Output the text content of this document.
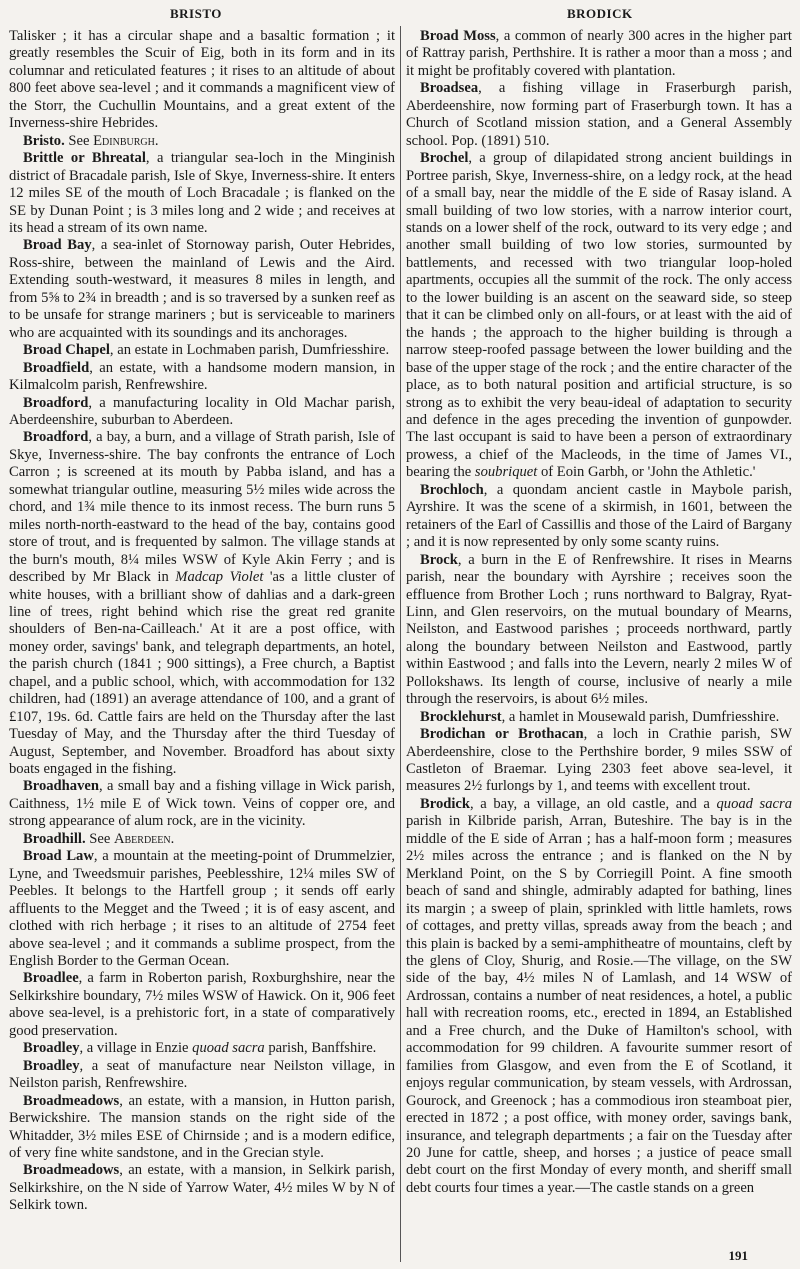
BRISTO	BRODICK

Talisker ; it has a circular shape and a basaltic formation ; it greatly resembles the Scuir of Eig, both in its form and in its columnar and reticulated features ; it rises to an altitude of about 800 feet above sea-level ; and it commands a magnificent view of the Storr, the Cuchullin Mountains, and a great extent of the Inverness-shire Hebrides.

Bristo. See Edinburgh.

Brittle or Bhreatal, a triangular sea-loch in the Minginish district of Bracadale parish, Isle of Skye, Inverness-shire. It enters 12 miles SE of the mouth of Loch Bracadale ; is flanked on the SE by Dunan Point ; is 3 miles long and 2 wide ; and receives at its head a stream of its own name.

Broad Bay, a sea-inlet of Stornoway parish, Outer Hebrides, Ross-shire, between the mainland of Lewis and the Aird. Extending south-westward, it measures 8 miles in length, and from 5⅝ to 2¾ in breadth ; and is so traversed by a sunken reef as to be unsafe for strange mariners ; but is serviceable to mariners who are acquainted with its soundings and its anchorages.

Broad Chapel, an estate in Lochmaben parish, Dumfriesshire.

Broadfield, an estate, with a handsome modern mansion, in Kilmalcolm parish, Renfrewshire.

Broadford, a manufacturing locality in Old Machar parish, Aberdeenshire, suburban to Aberdeen.

Broadford, a bay, a burn, and a village of Strath parish, Isle of Skye, Inverness-shire. The bay confronts the entrance of Loch Carron ; is screened at its mouth by Pabba island, and has a somewhat triangular outline, measuring 5½ miles wide across the chord, and 1¾ mile thence to its inmost recess. The burn runs 5 miles north-north-eastward to the head of the bay, contains good store of trout, and is frequented by salmon. The village stands at the burn's mouth, 8¼ miles WSW of Kyle Akin Ferry ; and is described by Mr Black in Madcap Violet 'as a little cluster of white houses, with a brilliant show of dahlias and a dark-green line of trees, right behind which rise the great red granite shoulders of Ben-na-Cailleach.' At it are a post office, with money order, savings' bank, and telegraph departments, an hotel, the parish church (1841 ; 900 sittings), a Free church, a Baptist chapel, and a public school, which, with accommodation for 132 children, had (1891) an average attendance of 100, and a grant of £107, 19s. 6d. Cattle fairs are held on the Thursday after the last Tuesday of May, and the Thursday after the third Tuesday of August, September, and November. Broadford has about sixty boats engaged in the fishing.

Broadhaven, a small bay and a fishing village in Wick parish, Caithness, 1½ mile E of Wick town. Veins of copper ore, and strong appearance of alum rock, are in the vicinity.

Broadhill. See Aberdeen.

Broad Law, a mountain at the meeting-point of Drummelzier, Lyne, and Tweedsmuir parishes, Peeblesshire, 12¼ miles SW of Peebles. It belongs to the Hartfell group ; it sends off early affluents to the Megget and the Tweed ; it is of easy ascent, and clothed with rich herbage ; it rises to an altitude of 2754 feet above sea-level ; and it commands a sublime prospect, from the English Border to the German Ocean.

Broadlee, a farm in Roberton parish, Roxburghshire, near the Selkirkshire boundary, 7½ miles WSW of Hawick. On it, 906 feet above sea-level, is a prehistoric fort, in a state of comparatively good preservation.

Broadley, a village in Enzie quoad sacra parish, Banffshire.

Broadley, a seat of manufacture near Neilston village, in Neilston parish, Renfrewshire.

Broadmeadows, an estate, with a mansion, in Hutton parish, Berwickshire. The mansion stands on the right side of the Whitadder, 3½ miles ESE of Chirnside ; and is a modern edifice, of very fine white sandstone, and in the Grecian style.

Broadmeadows, an estate, with a mansion, in Selkirk parish, Selkirkshire, on the N side of Yarrow Water, 4½ miles W by N of Selkirk town.

Broad Moss, a common of nearly 300 acres in the higher part of Rattray parish, Perthshire. It is rather a moor than a moss ; and it might be profitably covered with plantation.

Broadsea, a fishing village in Fraserburgh parish, Aberdeenshire, now forming part of Fraserburgh town. It has a Church of Scotland mission station, and a General Assembly school. Pop. (1891) 510.

Brochel, a group of dilapidated strong ancient buildings in Portree parish, Skye, Inverness-shire, on a ledgy rock, at the head of a small bay, near the middle of the E side of Rasay island. A small building of two low stories, with a narrow interior court, stands on a lower shelf of the rock, outward to its very edge ; and another small building of two low stories, surmounted by battlements, and recessed with two triangular loop-holed apartments, occupies all the summit of the rock. The only access to the lower building is an ascent on the seaward side, so steep that it can be climbed only on all-fours, or at least with the aid of the hands ; the approach to the higher building is through a narrow steep-roofed passage between the lower building and the base of the upper stage of the rock ; and the entire character of the place, as to both natural position and artificial structure, is so strong as to exhibit the very beau-ideal of adaptation to security and defence in the ages preceding the invention of gunpowder. The last occupant is said to have been a person of extraordinary prowess, a chief of the Macleods, in the time of James VI., bearing the soubriquet of Eoin Garbh, or 'John the Athletic.'

Brochloch, a quondam ancient castle in Maybole parish, Ayrshire. It was the scene of a skirmish, in 1601, between the retainers of the Earl of Cassillis and those of the Laird of Bargany ; and it is now represented by only some scanty ruins.

Brock, a burn in the E of Renfrewshire. It rises in Mearns parish, near the boundary with Ayrshire ; receives soon the effluence from Brother Loch ; runs northward to Balgray, Ryat-Linn, and Glen reservoirs, on the mutual boundary of Mearns, Neilston, and Eastwood parishes ; proceeds northward, partly along the boundary between Neilston and Eastwood, partly within Eastwood ; and falls into the Levern, nearly 2 miles W of Pollokshaws. Its length of course, inclusive of nearly a mile through the reservoirs, is about 6½ miles.

Brocklehurst, a hamlet in Mousewald parish, Dumfriesshire.

Brodichan or Brothacan, a loch in Crathie parish, SW Aberdeenshire, close to the Perthshire border, 9 miles SSW of Castleton of Braemar. Lying 2303 feet above sea-level, it measures 2½ furlongs by 1, and teems with excellent trout.

Brodick, a bay, a village, an old castle, and a quoad sacra parish in Kilbride parish, Arran, Buteshire. The bay is in the middle of the E side of Arran ; has a half-moon form ; measures 2½ miles across the entrance ; and is flanked on the N by Merkland Point, on the S by Corriegill Point. A fine smooth beach of sand and shingle, admirably adapted for bathing, lines its margin ; a sweep of plain, sprinkled with little hamlets, rows of cottages, and pretty villas, spreads away from the beach ; and this plain is backed by a semi-amphitheatre of mountains, cleft by the glens of Cloy, Shurig, and Rosie.—The village, on the SW side of the bay, 4½ miles N of Lamlash, and 14 WSW of Ardrossan, contains a number of neat residences, a hotel, a public hall with recreation rooms, etc., erected in 1894, an Established and a Free church, and the Duke of Hamilton's school, with accommodation for 99 children. A favourite summer resort of families from Glasgow, and even from the E of Scotland, it enjoys regular communication, by steam vessels, with Ardrossan, Gourock, and Greenock ; has a commodious iron steamboat pier, erected in 1872 ; a post office, with money order, savings bank, insurance, and telegraph departments ; a fair on the Tuesday after 20 June for cattle, sheep, and horses ; a justice of peace small debt court on the first Monday of every month, and sheriff small debt courts four times a year.—The castle stands on a green

191
